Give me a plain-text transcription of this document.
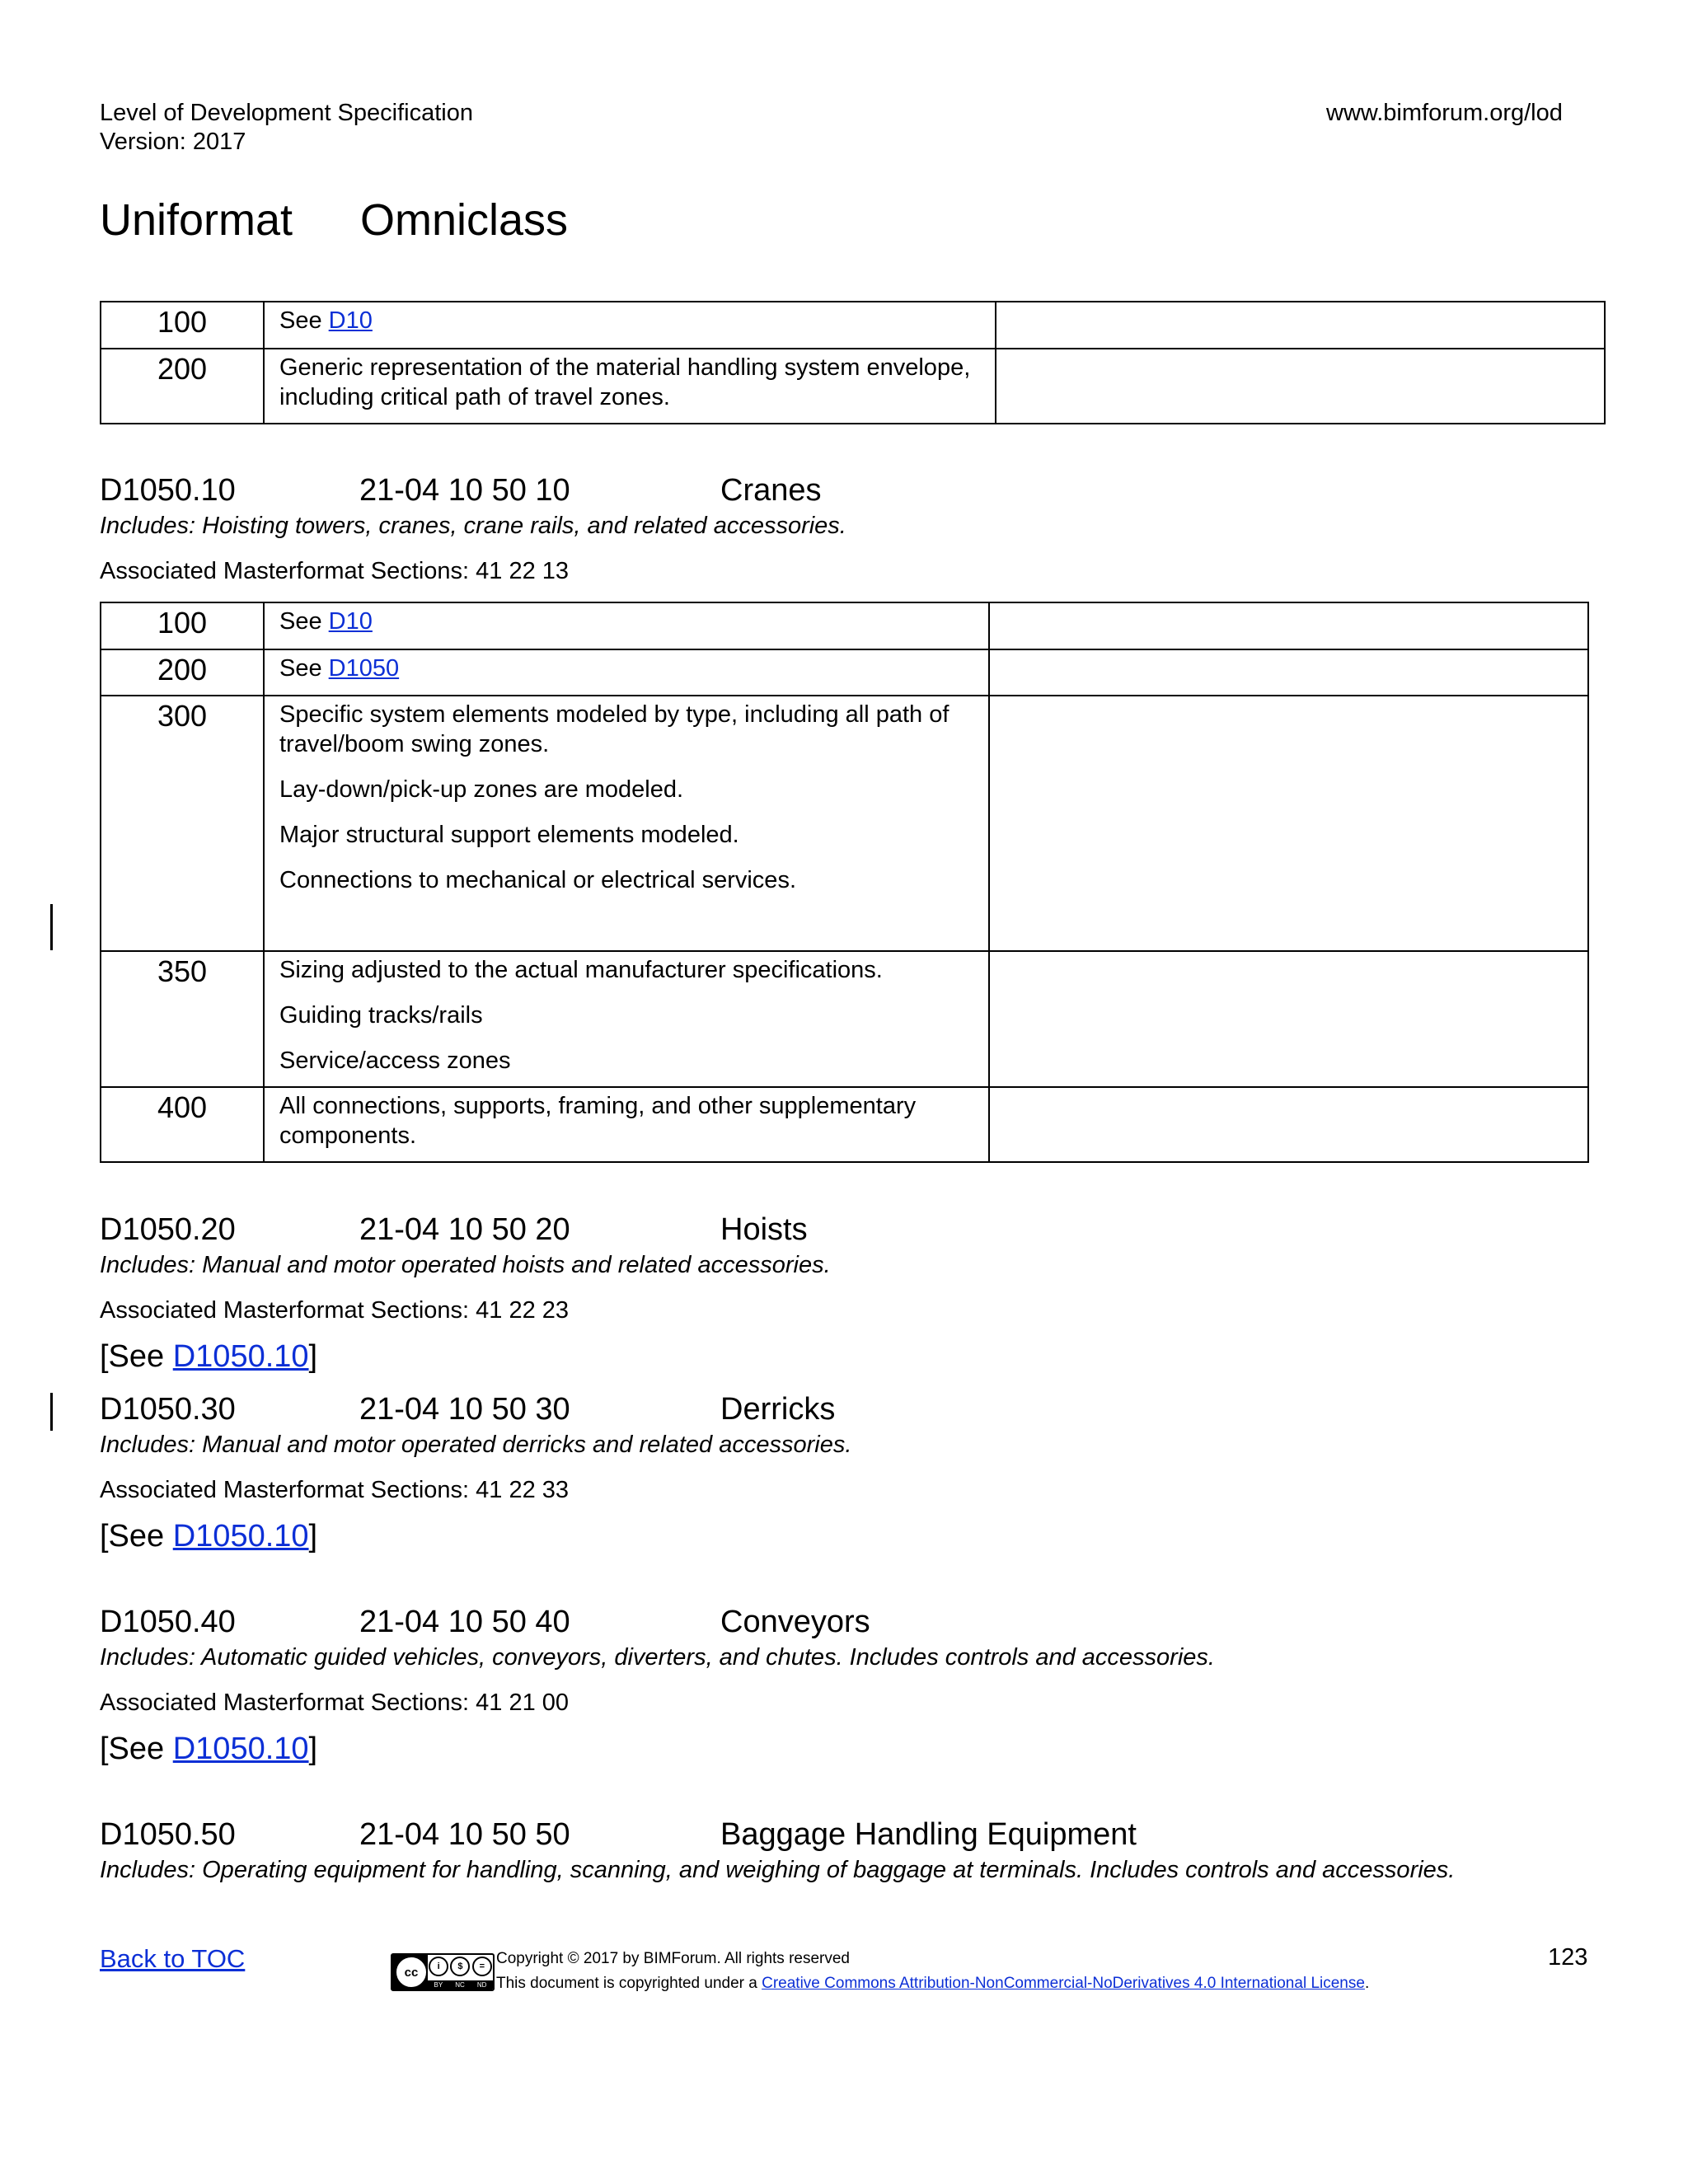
Level of Development Specification
Version: 2017
www.bimforum.org/lod
Uniformat Omniclass
100	See D10	
200	Generic representation of the material handling system envelope, including critical path of travel zones.	

D1050.10	21-04 10 50 10	Cranes
Includes: Hoisting towers, cranes, crane rails, and related accessories.
Associated Masterformat Sections: 41 22 13
100	See D10	
200	See D1050	
300	Specific system elements modeled by type, including all path of travel/boom swing zones.

Lay-down/pick-up zones are modeled.

Major structural support elements modeled.

Connections to mechanical or electrical services.	

350	Sizing adjusted to the actual manufacturer specifications.

Guiding tracks/rails

Service/access zones	

400	All connections, supports, framing, and other supplementary components.	

D1050.20	21-04 10 50 20	Hoists
Includes: Manual and motor operated hoists and related accessories.
Associated Masterformat Sections: 41 22 23
[See D1050.10]
D1050.30	21-04 10 50 30	Derricks
Includes: Manual and motor operated derricks and related accessories.
Associated Masterformat Sections: 41 22 33
[See D1050.10]
D1050.40	21-04 10 50 40	Conveyors
Includes: Automatic guided vehicles, conveyors, diverters, and chutes. Includes controls and accessories.
Associated Masterformat Sections: 41 21 00
[See D1050.10]
D1050.50	21-04 10 50 50	Baggage Handling Equipment
Includes: Operating equipment for handling, scanning, and weighing of baggage at terminals. Includes controls and accessories.
Back to TOC	cc	i	$	=
BY NC ND
Copyright © 2017 by BIMForum. All rights reserved
This document is copyrighted under a Creative Commons Attribution-NonCommercial-NoDerivatives 4.0 International License.
123
